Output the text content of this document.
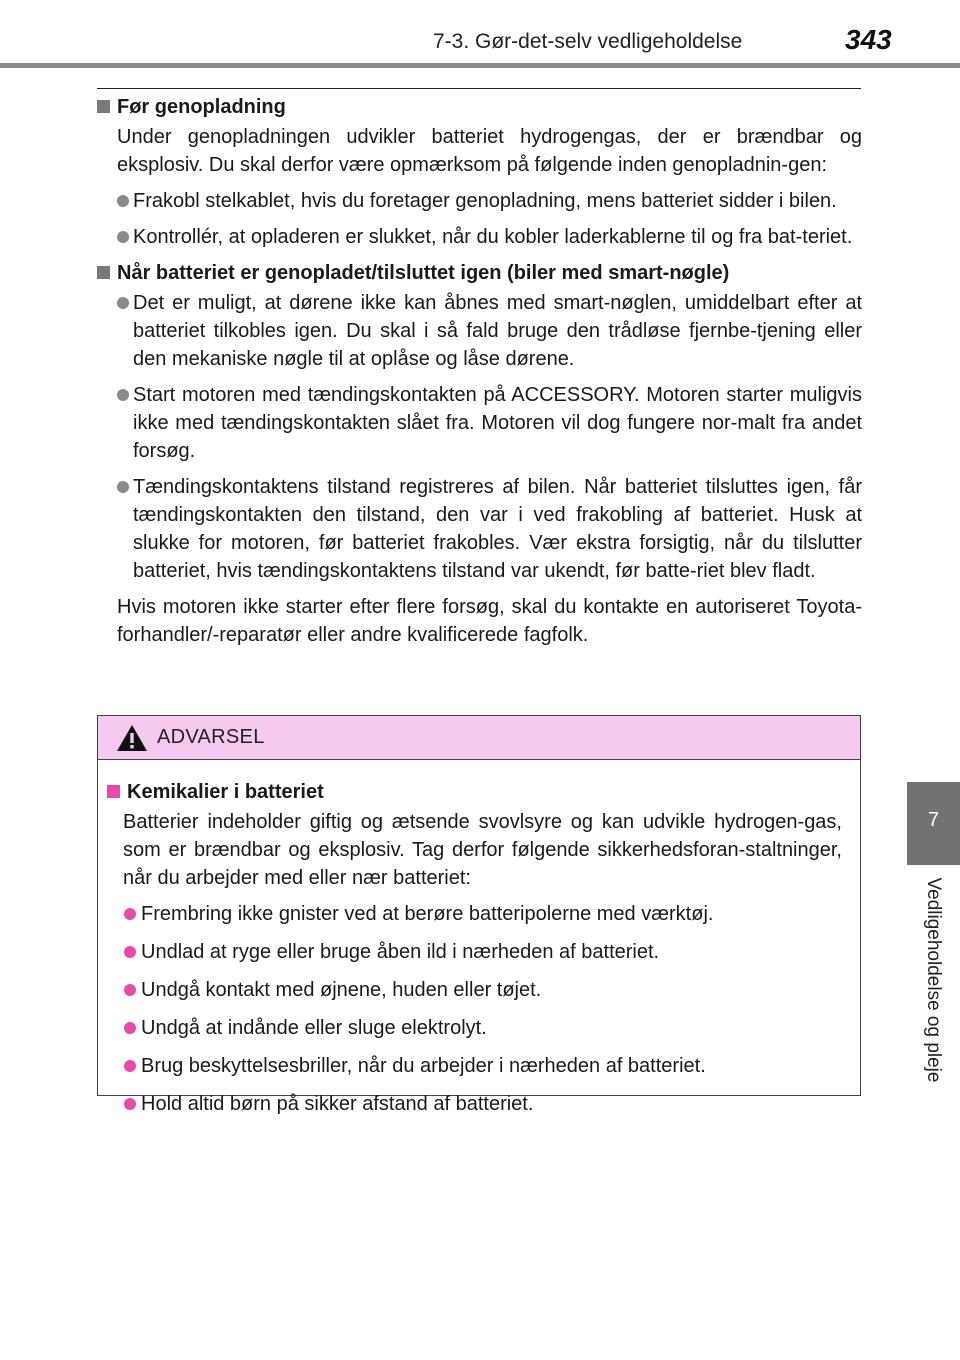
7-3. Gør-det-selv vedligeholdelse	343
Før genopladning

Under genopladningen udvikler batteriet hydrogengas, der er brændbar og eksplosiv. Du skal derfor være opmærksom på følgende inden genopladnin-gen:

Frakobl stelkablet, hvis du foretager genopladning, mens batteriet sidder i bilen.
Kontrollér, at opladeren er slukket, når du kobler laderkablerne til og fra bat-teriet.
Når batteriet er genopladet/tilsluttet igen (biler med smart-nøgle)
Det er muligt, at dørene ikke kan åbnes med smart-nøglen, umiddelbart efter at batteriet tilkobles igen. Du skal i så fald bruge den trådløse fjernbe-tjening eller den mekaniske nøgle til at oplåse og låse dørene.
Start motoren med tændingskontakten på ACCESSORY. Motoren starter muligvis ikke med tændingskontakten slået fra. Motoren vil dog fungere nor-malt fra andet forsøg.
Tændingskontaktens tilstand registreres af bilen. Når batteriet tilsluttes igen, får tændingskontakten den tilstand, den var i ved frakobling af batteriet. Husk at slukke for motoren, før batteriet frakobles. Vær ekstra forsigtig, når du tilslutter batteriet, hvis tændingskontaktens tilstand var ukendt, før batte-riet blev fladt.

Hvis motoren ikke starter efter flere forsøg, skal du kontakte en autoriseret Toyota-forhandler/-reparatør eller andre kvalificerede fagfolk.

ADVARSEL
Kemikalier i batteriet

Batterier indeholder giftig og ætsende svovlsyre og kan udvikle hydrogen-gas, som er brændbar og eksplosiv. Tag derfor følgende sikkerhedsforan-staltninger, når du arbejder med eller nær batteriet:

Frembring ikke gnister ved at berøre batteripolerne med værktøj.
Undlad at ryge eller bruge åben ild i nærheden af batteriet.
Undgå kontakt med øjnene, huden eller tøjet.
Undgå at indånde eller sluge elektrolyt.
Brug beskyttelsesbriller, når du arbejder i nærheden af batteriet.
Hold altid børn på sikker afstand af batteriet.
7
Vedligeholdelse og pleje
